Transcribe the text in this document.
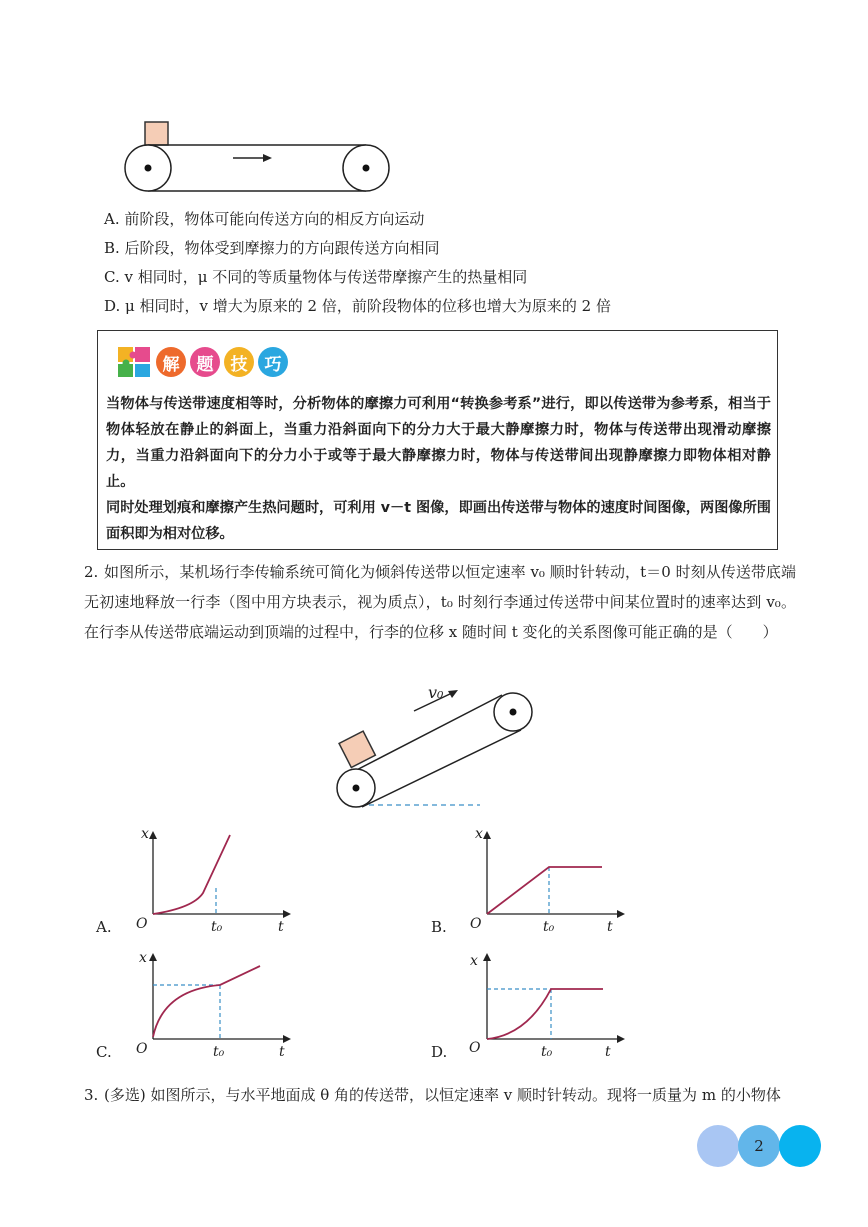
A. 前阶段，物体可能向传送方向的相反方向运动
B. 后阶段，物体受到摩擦力的方向跟传送方向相同
C. v 相同时，μ 不同的等质量物体与传送带摩擦产生的热量相同
D. μ 相同时，v 增大为原来的 2 倍，前阶段物体的位移也增大为原来的 2 倍
解	题	技	巧

当物体与传送带速度相等时，分析物体的摩擦力可利用“转换参考系”进行，即以传送带为参考系，相当于物体轻放在静止的斜面上，当重力沿斜面向下的分力大于最大静摩擦力时，物体与传送带出现滑动摩擦力，当重力沿斜面向下的分力小于或等于最大静摩擦力时，物体与传送带间出现静摩擦力即物体相对静止。

同时处理划痕和摩擦产生热问题时，可利用 v－t 图像，即画出传送带与物体的速度时间图像，两图像所围面积即为相对位移。

2. 如图所示，某机场行李传输系统可简化为倾斜传送带以恒定速率 v₀ 顺时针转动，t＝0 时刻从传送带底端无初速地释放一行李（图中用方块表示，视为质点），t₀ 时刻行李通过传送带中间某位置时的速率达到 v₀。在行李从传送带底端运动到顶端的过程中，行李的位移 x 随时间 t 变化的关系图像可能正确的是（　　）
v₀
A.
x
O	t₀	t	B.
x
O	t₀	t
C.
x
O	t₀	t	D.
x
O	t₀	t
3. (多选) 如图所示，与水平地面成 θ 角的传送带，以恒定速率 v 顺时针转动。现将一质量为 m 的小物体
2
